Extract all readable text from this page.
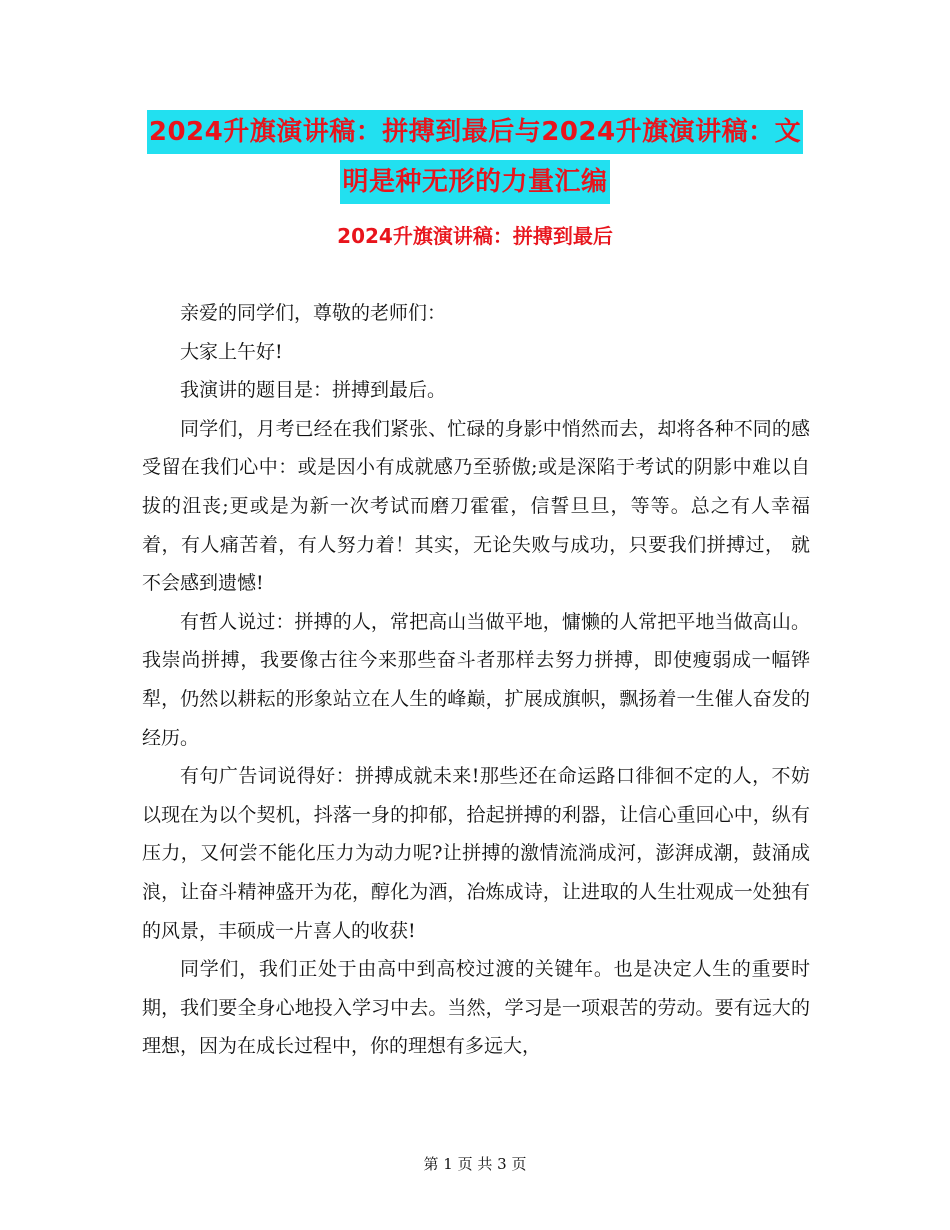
2024升旗演讲稿：拼搏到最后与2024升旗演讲稿：文
明是种无形的力量汇编
2024升旗演讲稿：拼搏到最后

亲爱的同学们，尊敬的老师们：

大家上午好!

我演讲的题目是：拼搏到最后。

同学们，月考已经在我们紧张、忙碌的身影中悄然而去，却将各种不同的感受留在我们心中：或是因小有成就感乃至骄傲;或是深陷于考试的阴影中难以自拔的沮丧;更或是为新一次考试而磨刀霍霍，信誓旦旦，等等。总之有人幸福着，有人痛苦着，有人努力着！其实，无论失败与成功，只要我们拼搏过， 就不会感到遗憾!

有哲人说过：拼搏的人，常把高山当做平地，慵懒的人常把平地当做高山。我崇尚拼搏，我要像古往今来那些奋斗者那样去努力拼搏，即使瘦弱成一幅铧犁，仍然以耕耘的形象站立在人生的峰巅，扩展成旗帜，飘扬着一生催人奋发的经历。

有句广告词说得好：拼搏成就未来!那些还在命运路口徘徊不定的人，不妨以现在为以个契机，抖落一身的抑郁，拾起拼搏的利器，让信心重回心中，纵有压力，又何尝不能化压力为动力呢?让拼搏的激情流淌成河，澎湃成潮，鼓涌成浪，让奋斗精神盛开为花，醇化为酒，冶炼成诗，让进取的人生壮观成一处独有的风景，丰硕成一片喜人的收获!

同学们，我们正处于由高中到高校过渡的关键年。也是决定人生的重要时期，我们要全身心地投入学习中去。当然，学习是一项艰苦的劳动。要有远大的理想，因为在成长过程中，你的理想有多远大，

第 1 页 共 3 页
